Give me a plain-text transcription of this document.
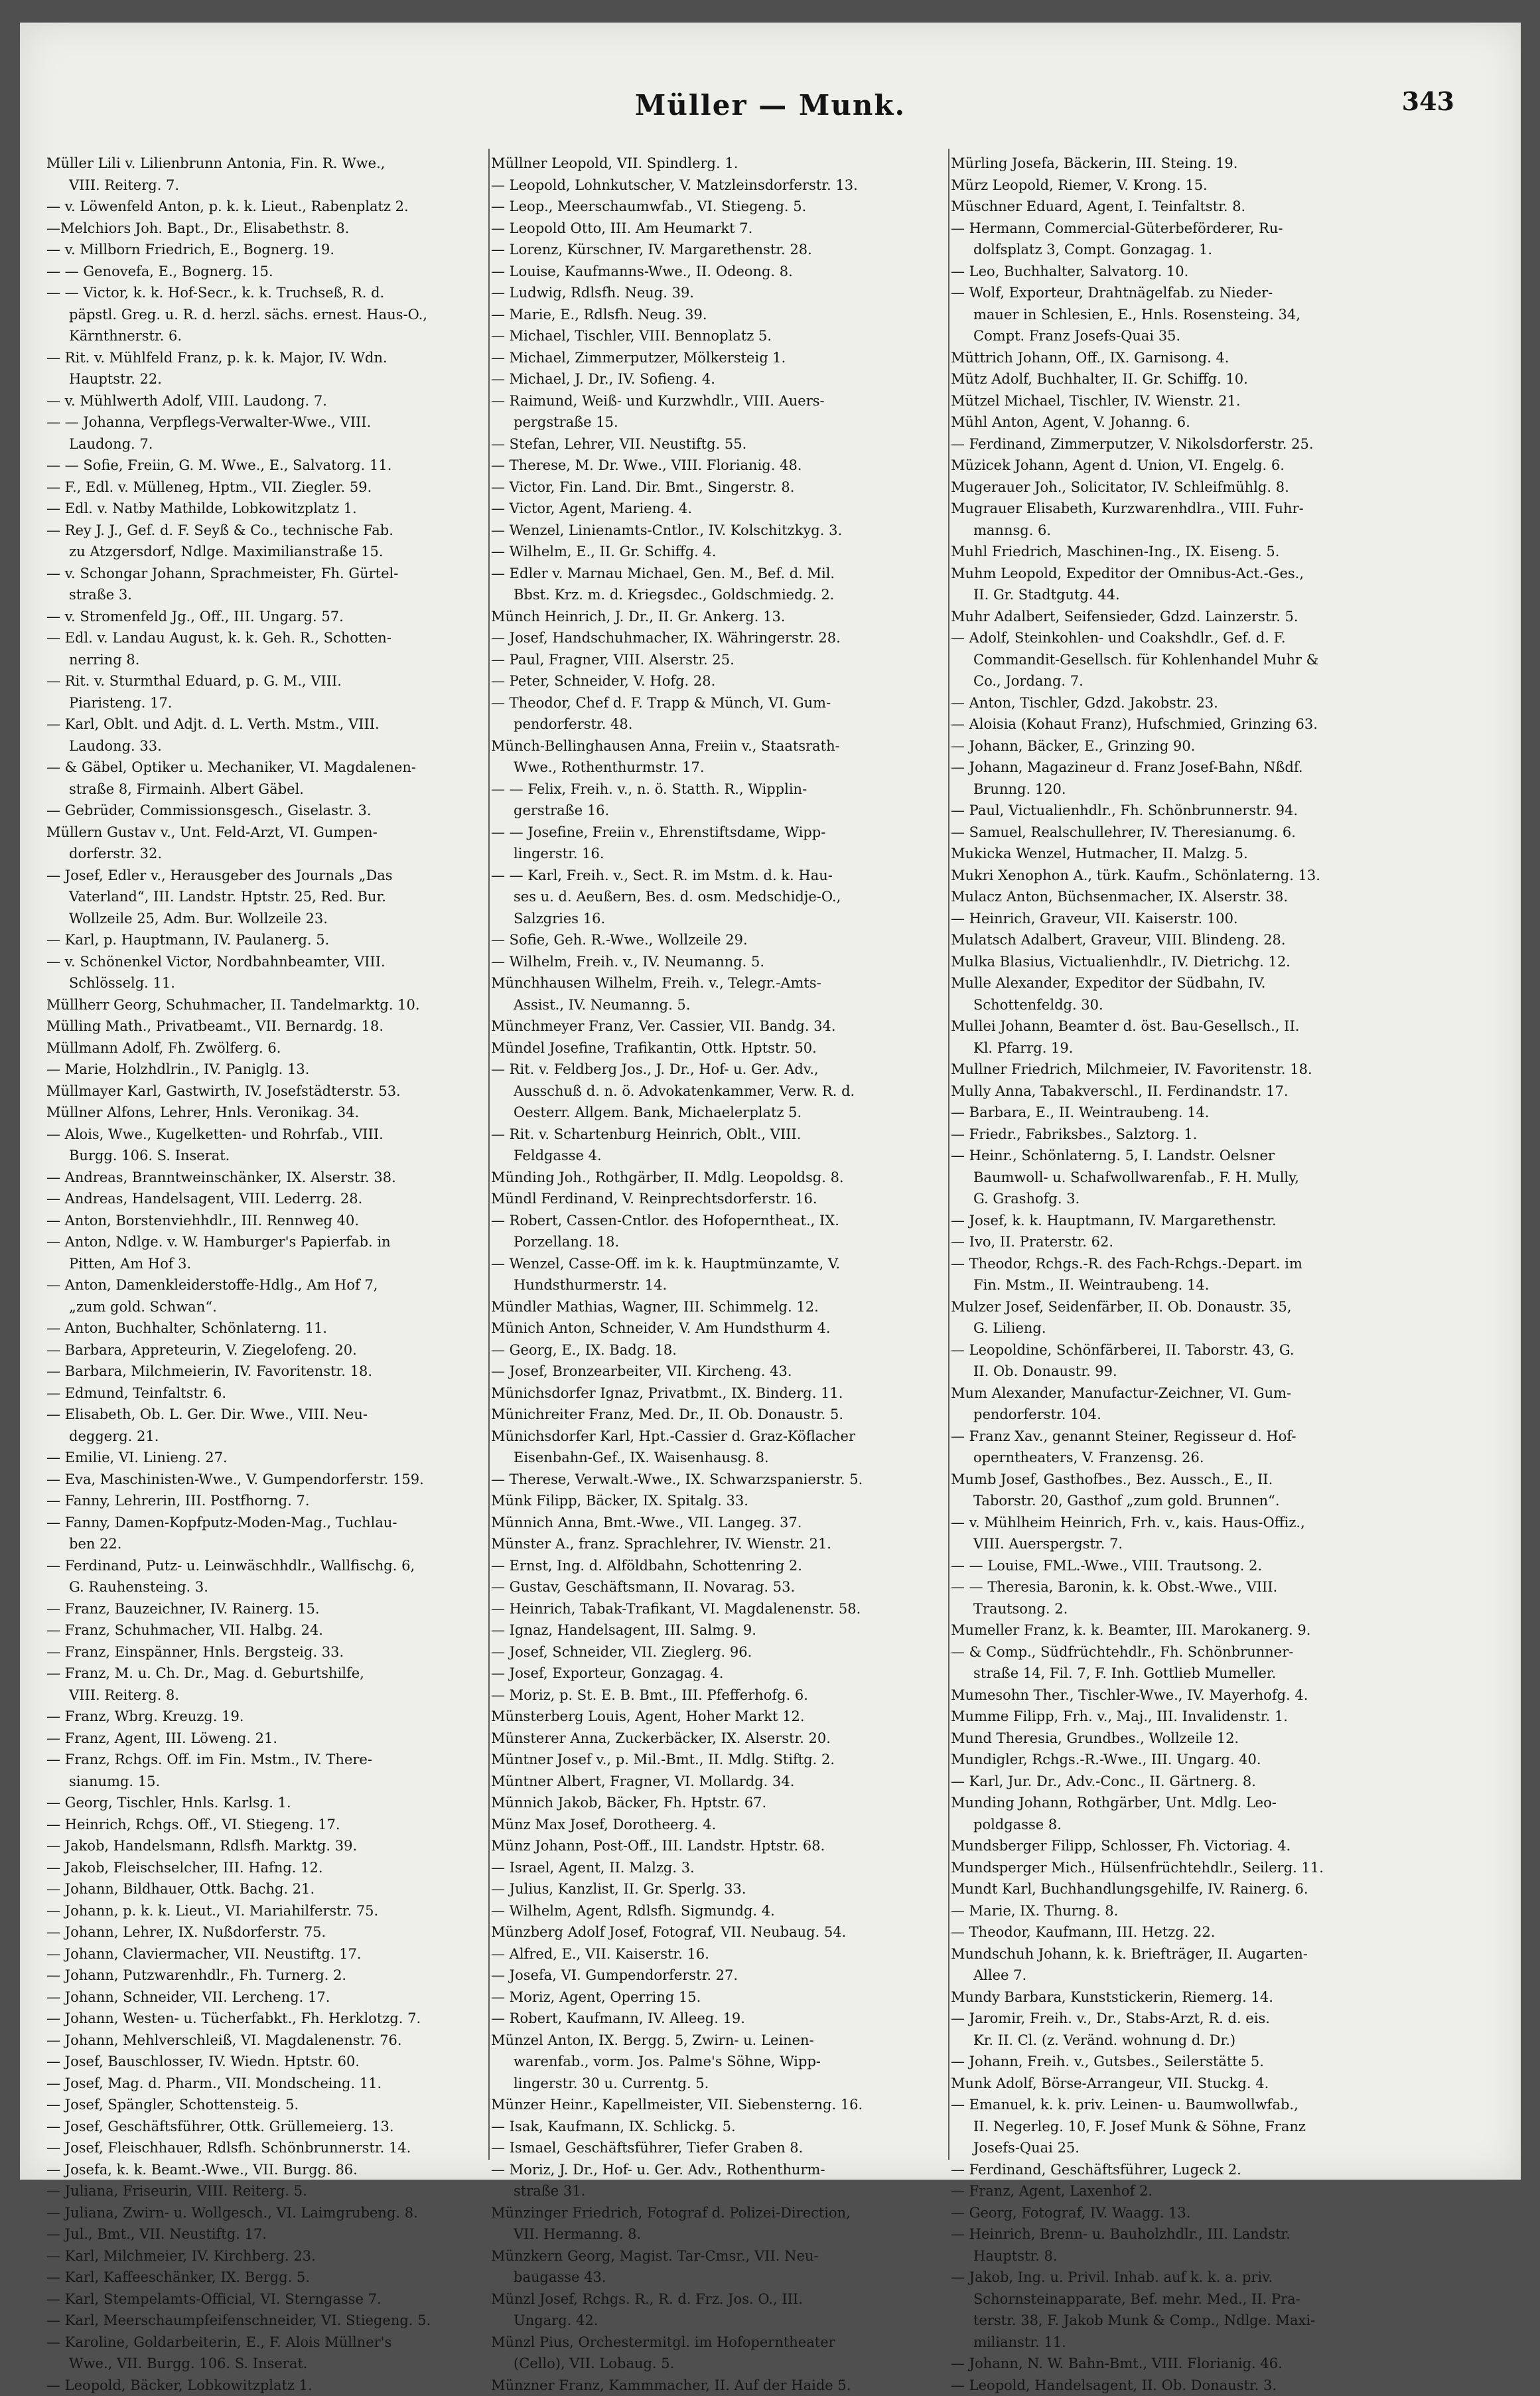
Müller — Munk.	343
Müller Lili v. Lilienbrunn Antonia, Fin. R. Wwe.,
VIII. Reiterg. 7.
— v. Löwenfeld Anton, p. k. k. Lieut., Rabenplatz 2.
—Melchiors Joh. Bapt., Dr., Elisabethstr. 8.
— v. Millborn Friedrich, E., Bognerg. 19.
— — Genovefa, E., Bognerg. 15.
— — Victor, k. k. Hof-Secr., k. k. Truchseß, R. d.
päpstl. Greg. u. R. d. herzl. sächs. ernest. Haus-O.,
Kärnthnerstr. 6.
— Rit. v. Mühlfeld Franz, p. k. k. Major, IV. Wdn.
Hauptstr. 22.
— v. Mühlwerth Adolf, VIII. Laudong. 7.
— — Johanna, Verpflegs-Verwalter-Wwe., VIII.
Laudong. 7.
— — Sofie, Freiin, G. M. Wwe., E., Salvatorg. 11.
— F., Edl. v. Mülleneg, Hptm., VII. Ziegler. 59.
— Edl. v. Natby Mathilde, Lobkowitzplatz 1.
— Rey J. J., Gef. d. F. Seyß & Co., technische Fab.
zu Atzgersdorf, Ndlge. Maximilianstraße 15.
— v. Schongar Johann, Sprachmeister, Fh. Gürtel-
straße 3.
— v. Stromenfeld Jg., Off., III. Ungarg. 57.
— Edl. v. Landau August, k. k. Geh. R., Schotten-
nerring 8.
— Rit. v. Sturmthal Eduard, p. G. M., VIII.
Piaristeng. 17.
— Karl, Oblt. und Adjt. d. L. Verth. Mstm., VIII.
Laudong. 33.
— & Gäbel, Optiker u. Mechaniker, VI. Magdalenen-
straße 8, Firmainh. Albert Gäbel.
— Gebrüder, Commissionsgesch., Giselastr. 3.
Müllern Gustav v., Unt. Feld-Arzt, VI. Gumpen-
dorferstr. 32.
— Josef, Edler v., Herausgeber des Journals „Das
Vaterland“, III. Landstr. Hptstr. 25, Red. Bur.
Wollzeile 25, Adm. Bur. Wollzeile 23.
— Karl, p. Hauptmann, IV. Paulanerg. 5.
— v. Schönenkel Victor, Nordbahnbeamter, VIII.
Schlösselg. 11.
Müllherr Georg, Schuhmacher, II. Tandelmarktg. 10.
Mülling Math., Privatbeamt., VII. Bernardg. 18.
Müllmann Adolf, Fh. Zwölferg. 6.
— Marie, Holzhdlrin., IV. Paniglg. 13.
Müllmayer Karl, Gastwirth, IV. Josefstädterstr. 53.
Müllner Alfons, Lehrer, Hnls. Veronikag. 34.
— Alois, Wwe., Kugelketten- und Rohrfab., VIII.
Burgg. 106. S. Inserat.
— Andreas, Branntweinschänker, IX. Alserstr. 38.
— Andreas, Handelsagent, VIII. Lederrg. 28.
— Anton, Borstenviehhdlr., III. Rennweg 40.
— Anton, Ndlge. v. W. Hamburger's Papierfab. in
Pitten, Am Hof 3.
— Anton, Damenkleiderstoffe-Hdlg., Am Hof 7,
„zum gold. Schwan“.
— Anton, Buchhalter, Schönlaterng. 11.
— Barbara, Appreteurin, V. Ziegelofeng. 20.
— Barbara, Milchmeierin, IV. Favoritenstr. 18.
— Edmund, Teinfaltstr. 6.
— Elisabeth, Ob. L. Ger. Dir. Wwe., VIII. Neu-
deggerg. 21.
— Emilie, VI. Linieng. 27.
— Eva, Maschinisten-Wwe., V. Gumpendorferstr. 159.
— Fanny, Lehrerin, III. Postfhorng. 7.
— Fanny, Damen-Kopfputz-Moden-Mag., Tuchlau-
ben 22.
— Ferdinand, Putz- u. Leinwäschhdlr., Wallfischg. 6,
G. Rauhensteing. 3.
— Franz, Bauzeichner, IV. Rainerg. 15.
— Franz, Schuhmacher, VII. Halbg. 24.
— Franz, Einspänner, Hnls. Bergsteig. 33.
— Franz, M. u. Ch. Dr., Mag. d. Geburtshilfe,
VIII. Reiterg. 8.
— Franz, Wbrg. Kreuzg. 19.
— Franz, Agent, III. Löweng. 21.
— Franz, Rchgs. Off. im Fin. Mstm., IV. There-
sianumg. 15.
— Georg, Tischler, Hnls. Karlsg. 1.
— Heinrich, Rchgs. Off., VI. Stiegeng. 17.
— Jakob, Handelsmann, Rdlsfh. Marktg. 39.
— Jakob, Fleischselcher, III. Hafng. 12.
— Johann, Bildhauer, Ottk. Bachg. 21.
— Johann, p. k. k. Lieut., VI. Mariahilferstr. 75.
— Johann, Lehrer, IX. Nußdorferstr. 75.
— Johann, Claviermacher, VII. Neustiftg. 17.
— Johann, Putzwarenhdlr., Fh. Turnerg. 2.
— Johann, Schneider, VII. Lercheng. 17.
— Johann, Westen- u. Tücherfabkt., Fh. Herklotzg. 7.
— Johann, Mehlverschleiß, VI. Magdalenenstr. 76.
— Josef, Bauschlosser, IV. Wiedn. Hptstr. 60.
— Josef, Mag. d. Pharm., VII. Mondscheing. 11.
— Josef, Spängler, Schottensteig. 5.
— Josef, Geschäftsführer, Ottk. Grüllemeierg. 13.
— Josef, Fleischhauer, Rdlsfh. Schönbrunnerstr. 14.
— Josefa, k. k. Beamt.-Wwe., VII. Burgg. 86.
— Juliana, Friseurin, VIII. Reiterg. 5.
— Juliana, Zwirn- u. Wollgesch., VI. Laimgrubeng. 8.
— Jul., Bmt., VII. Neustiftg. 17.
— Karl, Milchmeier, IV. Kirchberg. 23.
— Karl, Kaffeeschänker, IX. Bergg. 5.
— Karl, Stempelamts-Official, VI. Sterngasse 7.
— Karl, Meerschaumpfeifenschneider, VI. Stiegeng. 5.
— Karoline, Goldarbeiterin, E., F. Alois Müllner's
Wwe., VII. Burgg. 106. S. Inserat.
— Leopold, Bäcker, Lobkowitzplatz 1.
Müllner Leopold, VII. Spindlerg. 1.
— Leopold, Lohnkutscher, V. Matzleinsdorferstr. 13.
— Leop., Meerschaumwfab., VI. Stiegeng. 5.
— Leopold Otto, III. Am Heumarkt 7.
— Lorenz, Kürschner, IV. Margarethenstr. 28.
— Louise, Kaufmanns-Wwe., II. Odeong. 8.
— Ludwig, Rdlsfh. Neug. 39.
— Marie, E., Rdlsfh. Neug. 39.
— Michael, Tischler, VIII. Bennoplatz 5.
— Michael, Zimmerputzer, Mölkersteig 1.
— Michael, J. Dr., IV. Sofieng. 4.
— Raimund, Weiß- und Kurzwhdlr., VIII. Auers-
pergstraße 15.
— Stefan, Lehrer, VII. Neustiftg. 55.
— Therese, M. Dr. Wwe., VIII. Florianig. 48.
— Victor, Fin. Land. Dir. Bmt., Singerstr. 8.
— Victor, Agent, Marieng. 4.
— Wenzel, Linienamts-Cntlor., IV. Kolschitzkyg. 3.
— Wilhelm, E., II. Gr. Schiffg. 4.
— Edler v. Marnau Michael, Gen. M., Bef. d. Mil.
Bbst. Krz. m. d. Kriegsdec., Goldschmiedg. 2.
Münch Heinrich, J. Dr., II. Gr. Ankerg. 13.
— Josef, Handschuhmacher, IX. Währingerstr. 28.
— Paul, Fragner, VIII. Alserstr. 25.
— Peter, Schneider, V. Hofg. 28.
— Theodor, Chef d. F. Trapp & Münch, VI. Gum-
pendorferstr. 48.
Münch-Bellinghausen Anna, Freiin v., Staatsrath-
Wwe., Rothenthurmstr. 17.
— — Felix, Freih. v., n. ö. Statth. R., Wipplin-
gerstraße 16.
— — Josefine, Freiin v., Ehrenstiftsdame, Wipp-
lingerstr. 16.
— — Karl, Freih. v., Sect. R. im Mstm. d. k. Hau-
ses u. d. Aeußern, Bes. d. osm. Medschidje-O.,
Salzgries 16.
— Sofie, Geh. R.-Wwe., Wollzeile 29.
— Wilhelm, Freih. v., IV. Neumanng. 5.
Münchhausen Wilhelm, Freih. v., Telegr.-Amts-
Assist., IV. Neumanng. 5.
Münchmeyer Franz, Ver. Cassier, VII. Bandg. 34.
Mündel Josefine, Trafikantin, Ottk. Hptstr. 50.
— Rit. v. Feldberg Jos., J. Dr., Hof- u. Ger. Adv.,
Ausschuß d. n. ö. Advokatenkammer, Verw. R. d.
Oesterr. Allgem. Bank, Michaelerplatz 5.
— Rit. v. Schartenburg Heinrich, Oblt., VIII.
Feldgasse 4.
Münding Joh., Rothgärber, II. Mdlg. Leopoldsg. 8.
Mündl Ferdinand, V. Reinprechtsdorferstr. 16.
— Robert, Cassen-Cntlor. des Hofoperntheat., IX.
Porzellang. 18.
— Wenzel, Casse-Off. im k. k. Hauptmünzamte, V.
Hundsthurmerstr. 14.
Mündler Mathias, Wagner, III. Schimmelg. 12.
Münich Anton, Schneider, V. Am Hundsthurm 4.
— Georg, E., IX. Badg. 18.
— Josef, Bronzearbeiter, VII. Kircheng. 43.
Münichsdorfer Ignaz, Privatbmt., IX. Binderg. 11.
Münichreiter Franz, Med. Dr., II. Ob. Donaustr. 5.
Münichsdorfer Karl, Hpt.-Cassier d. Graz-Köflacher
Eisenbahn-Gef., IX. Waisenhausg. 8.
— Therese, Verwalt.-Wwe., IX. Schwarzspanierstr. 5.
Münk Filipp, Bäcker, IX. Spitalg. 33.
Münnich Anna, Bmt.-Wwe., VII. Langeg. 37.
Münster A., franz. Sprachlehrer, IV. Wienstr. 21.
— Ernst, Ing. d. Alföldbahn, Schottenring 2.
— Gustav, Geschäftsmann, II. Novarag. 53.
— Heinrich, Tabak-Trafikant, VI. Magdalenenstr. 58.
— Ignaz, Handelsagent, III. Salmg. 9.
— Josef, Schneider, VII. Zieglerg. 96.
— Josef, Exporteur, Gonzagag. 4.
— Moriz, p. St. E. B. Bmt., III. Pfefferhofg. 6.
Münsterberg Louis, Agent, Hoher Markt 12.
Münsterer Anna, Zuckerbäcker, IX. Alserstr. 20.
Müntner Josef v., p. Mil.-Bmt., II. Mdlg. Stiftg. 2.
Müntner Albert, Fragner, VI. Mollardg. 34.
Münnich Jakob, Bäcker, Fh. Hptstr. 67.
Münz Max Josef, Dorotheerg. 4.
Münz Johann, Post-Off., III. Landstr. Hptstr. 68.
— Israel, Agent, II. Malzg. 3.
— Julius, Kanzlist, II. Gr. Sperlg. 33.
— Wilhelm, Agent, Rdlsfh. Sigmundg. 4.
Münzberg Adolf Josef, Fotograf, VII. Neubaug. 54.
— Alfred, E., VII. Kaiserstr. 16.
— Josefa, VI. Gumpendorferstr. 27.
— Moriz, Agent, Operring 15.
— Robert, Kaufmann, IV. Alleeg. 19.
Münzel Anton, IX. Bergg. 5, Zwirn- u. Leinen-
warenfab., vorm. Jos. Palme's Söhne, Wipp-
lingerstr. 30 u. Currentg. 5.
Münzer Heinr., Kapellmeister, VII. Siebensterng. 16.
— Isak, Kaufmann, IX. Schlickg. 5.
— Ismael, Geschäftsführer, Tiefer Graben 8.
— Moriz, J. Dr., Hof- u. Ger. Adv., Rothenthurm-
straße 31.
Münzinger Friedrich, Fotograf d. Polizei-Direction,
VII. Hermanng. 8.
Münzkern Georg, Magist. Tar-Cmsr., VII. Neu-
baugasse 43.
Münzl Josef, Rchgs. R., R. d. Frz. Jos. O., III.
Ungarg. 42.
Münzl Pius, Orchestermitgl. im Hofoperntheater
(Cello), VII. Lobaug. 5.
Münzner Franz, Kammmacher, II. Auf der Haide 5.
Mürling Josefa, Bäckerin, III. Steing. 19.
Mürz Leopold, Riemer, V. Krong. 15.
Müschner Eduard, Agent, I. Teinfaltstr. 8.
— Hermann, Commercial-Güterbeförderer, Ru-
dolfsplatz 3, Compt. Gonzagag. 1.
— Leo, Buchhalter, Salvatorg. 10.
— Wolf, Exporteur, Drahtnägelfab. zu Nieder-
mauer in Schlesien, E., Hnls. Rosensteing. 34,
Compt. Franz Josefs-Quai 35.
Müttrich Johann, Off., IX. Garnisong. 4.
Mütz Adolf, Buchhalter, II. Gr. Schiffg. 10.
Mützel Michael, Tischler, IV. Wienstr. 21.
Mühl Anton, Agent, V. Johanng. 6.
— Ferdinand, Zimmerputzer, V. Nikolsdorferstr. 25.
Müzicek Johann, Agent d. Union, VI. Engelg. 6.
Mugerauer Joh., Solicitator, IV. Schleifmühlg. 8.
Mugrauer Elisabeth, Kurzwarenhdlra., VIII. Fuhr-
mannsg. 6.
Muhl Friedrich, Maschinen-Ing., IX. Eiseng. 5.
Muhm Leopold, Expeditor der Omnibus-Act.-Ges.,
II. Gr. Stadtgutg. 44.
Muhr Adalbert, Seifensieder, Gdzd. Lainzerstr. 5.
— Adolf, Steinkohlen- und Coakshdlr., Gef. d. F.
Commandit-Gesellsch. für Kohlenhandel Muhr &
Co., Jordang. 7.
— Anton, Tischler, Gdzd. Jakobstr. 23.
— Aloisia (Kohaut Franz), Hufschmied, Grinzing 63.
— Johann, Bäcker, E., Grinzing 90.
— Johann, Magazineur d. Franz Josef-Bahn, Nßdf.
Brunng. 120.
— Paul, Victualienhdlr., Fh. Schönbrunnerstr. 94.
— Samuel, Realschullehrer, IV. Theresianumg. 6.
Mukicka Wenzel, Hutmacher, II. Malzg. 5.
Mukri Xenophon A., türk. Kaufm., Schönlaterng. 13.
Mulacz Anton, Büchsenmacher, IX. Alserstr. 38.
— Heinrich, Graveur, VII. Kaiserstr. 100.
Mulatsch Adalbert, Graveur, VIII. Blindeng. 28.
Mulka Blasius, Victualienhdlr., IV. Dietrichg. 12.
Mulle Alexander, Expeditor der Südbahn, IV.
Schottenfeldg. 30.
Mullei Johann, Beamter d. öst. Bau-Gesellsch., II.
Kl. Pfarrg. 19.
Mullner Friedrich, Milchmeier, IV. Favoritenstr. 18.
Mully Anna, Tabakverschl., II. Ferdinandstr. 17.
— Barbara, E., II. Weintraubeng. 14.
— Friedr., Fabriksbes., Salztorg. 1.
— Heinr., Schönlaterng. 5, I. Landstr. Oelsner
Baumwoll- u. Schafwollwarenfab., F. H. Mully,
G. Grashofg. 3.
— Josef, k. k. Hauptmann, IV. Margarethenstr.
— Ivo, II. Praterstr. 62.
— Theodor, Rchgs.-R. des Fach-Rchgs.-Depart. im
Fin. Mstm., II. Weintraubeng. 14.
Mulzer Josef, Seidenfärber, II. Ob. Donaustr. 35,
G. Lilieng.
— Leopoldine, Schönfärberei, II. Taborstr. 43, G.
II. Ob. Donaustr. 99.
Mum Alexander, Manufactur-Zeichner, VI. Gum-
pendorferstr. 104.
— Franz Xav., genannt Steiner, Regisseur d. Hof-
operntheaters, V. Franzensg. 26.
Mumb Josef, Gasthofbes., Bez. Aussch., E., II.
Taborstr. 20, Gasthof „zum gold. Brunnen“.
— v. Mühlheim Heinrich, Frh. v., kais. Haus-Offiz.,
VIII. Auerspergstr. 7.
— — Louise, FML.-Wwe., VIII. Trautsong. 2.
— — Theresia, Baronin, k. k. Obst.-Wwe., VIII.
Trautsong. 2.
Mumeller Franz, k. k. Beamter, III. Marokanerg. 9.
— & Comp., Südfrüchtehdlr., Fh. Schönbrunner-
straße 14, Fil. 7, F. Inh. Gottlieb Mumeller.
Mumesohn Ther., Tischler-Wwe., IV. Mayerhofg. 4.
Mumme Filipp, Frh. v., Maj., III. Invalidenstr. 1.
Mund Theresia, Grundbes., Wollzeile 12.
Mundigler, Rchgs.-R.-Wwe., III. Ungarg. 40.
— Karl, Jur. Dr., Adv.-Conc., II. Gärtnerg. 8.
Munding Johann, Rothgärber, Unt. Mdlg. Leo-
poldgasse 8.
Mundsberger Filipp, Schlosser, Fh. Victoriag. 4.
Mundsperger Mich., Hülsenfrüchtehdlr., Seilerg. 11.
Mundt Karl, Buchhandlungsgehilfe, IV. Rainerg. 6.
— Marie, IX. Thurng. 8.
— Theodor, Kaufmann, III. Hetzg. 22.
Mundschuh Johann, k. k. Briefträger, II. Augarten-
Allee 7.
Mundy Barbara, Kunststickerin, Riemerg. 14.
— Jaromir, Freih. v., Dr., Stabs-Arzt, R. d. eis.
Kr. II. Cl. (z. Veränd. wohnung d. Dr.)
— Johann, Freih. v., Gutsbes., Seilerstätte 5.
Munk Adolf, Börse-Arrangeur, VII. Stuckg. 4.
— Emanuel, k. k. priv. Leinen- u. Baumwollwfab.,
II. Negerleg. 10, F. Josef Munk & Söhne, Franz
Josefs-Quai 25.
— Ferdinand, Geschäftsführer, Lugeck 2.
— Franz, Agent, Laxenhof 2.
— Georg, Fotograf, IV. Waagg. 13.
— Heinrich, Brenn- u. Bauholzhdlr., III. Landstr.
Hauptstr. 8.
— Jakob, Ing. u. Privil. Inhab. auf k. k. a. priv.
Schornsteinapparate, Bef. mehr. Med., II. Pra-
terstr. 38, F. Jakob Munk & Comp., Ndlge. Maxi-
milianstr. 11.
— Johann, N. W. Bahn-Bmt., VIII. Florianig. 46.
— Leopold, Handelsagent, II. Ob. Donaustr. 3.
